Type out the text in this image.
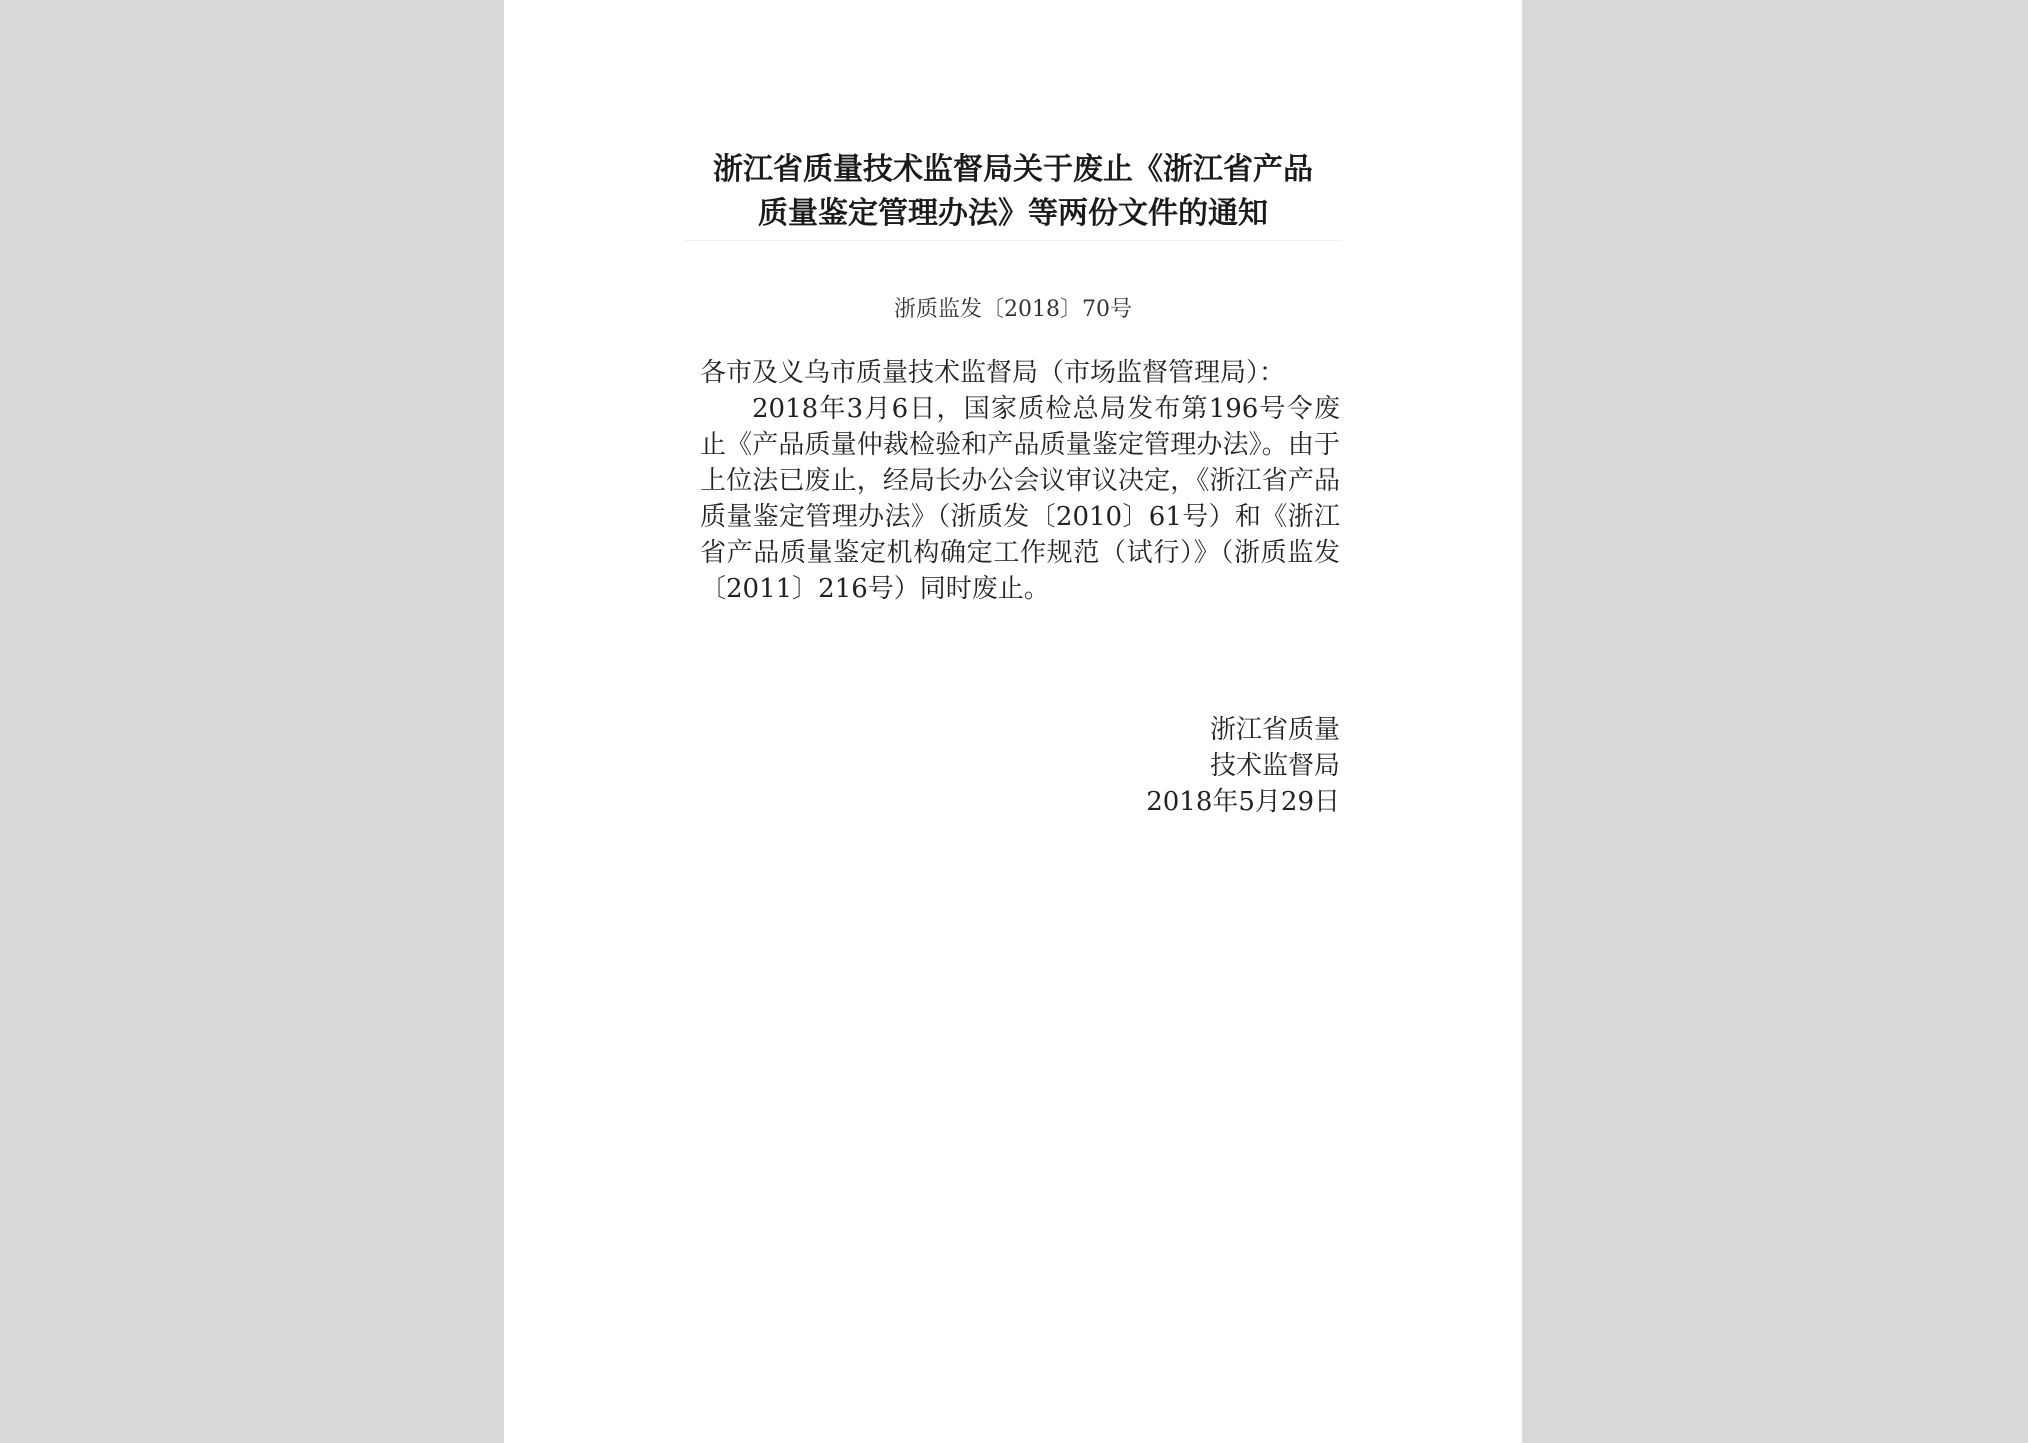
浙江省质量技术监督局关于废止《浙江省产品
质量鉴定管理办法》等两份文件的通知
浙质监发〔2018〕70号

各市及义乌市质量技术监督局（市场监督管理局）：

2018年3月6日，国家质检总局发布第196号令废止《产品质量仲裁检验和产品质量鉴定管理办法》。由于上位法已废止，经局长办公会议审议决定，《浙江省产品质量鉴定管理办法》（浙质发〔2010〕61号）和《浙江省产品质量鉴定机构确定工作规范（试行）》（浙质监发〔2011〕216号）同时废止。

浙江省质量
技术监督局
2018年5月29日
